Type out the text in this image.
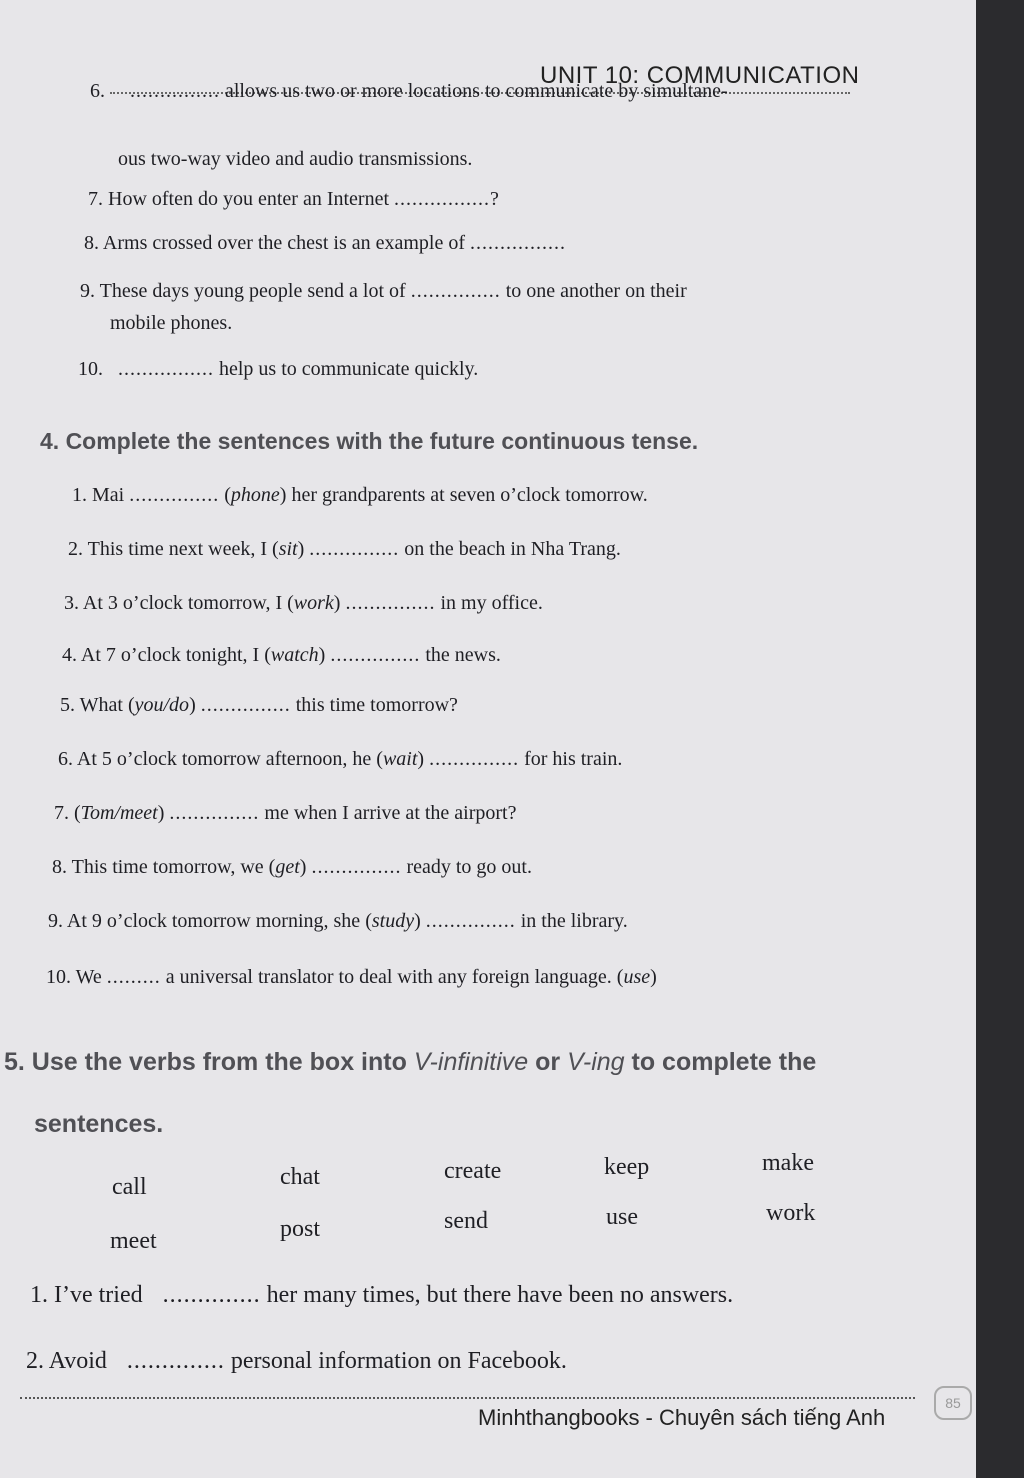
UNIT 10: COMMUNICATION
6. ............... allows us two or more locations to communicate by simultane-
ous two-way video and audio transmissions.
7. How often do you enter an Internet ................?
8. Arms crossed over the chest is an example of ................
9. These days young people send a lot of ............... to one another on their
mobile phones.
10. ................ help us to communicate quickly.
4. Complete the sentences with the future continuous tense.
1. Mai ............... (phone) her grandparents at seven o’clock tomorrow.
2. This time next week, I (sit) ............... on the beach in Nha Trang.
3. At 3 o’clock tomorrow, I (work) ............... in my office.
4. At 7 o’clock tonight, I (watch) ............... the news.
5. What (you/do) ............... this time tomorrow?
6. At 5 o’clock tomorrow afternoon, he (wait) ............... for his train.
7. (Tom/meet) ............... me when I arrive at the airport?
8. This time tomorrow, we (get) ............... ready to go out.
9. At 9 o’clock tomorrow morning, she (study) ............... in the library.
10. We ......... a universal translator to deal with any foreign language. (use)
5. Use the verbs from the box into V-infinitive or V-ing to complete the
sentences.
call	chat	create	keep	make
meet	post	send	use	work
1. I’ve tried .............. her many times, but there have been no answers.
2. Avoid .............. personal information on Facebook.
Minhthangbooks - Chuyên sách tiếng Anh
85
